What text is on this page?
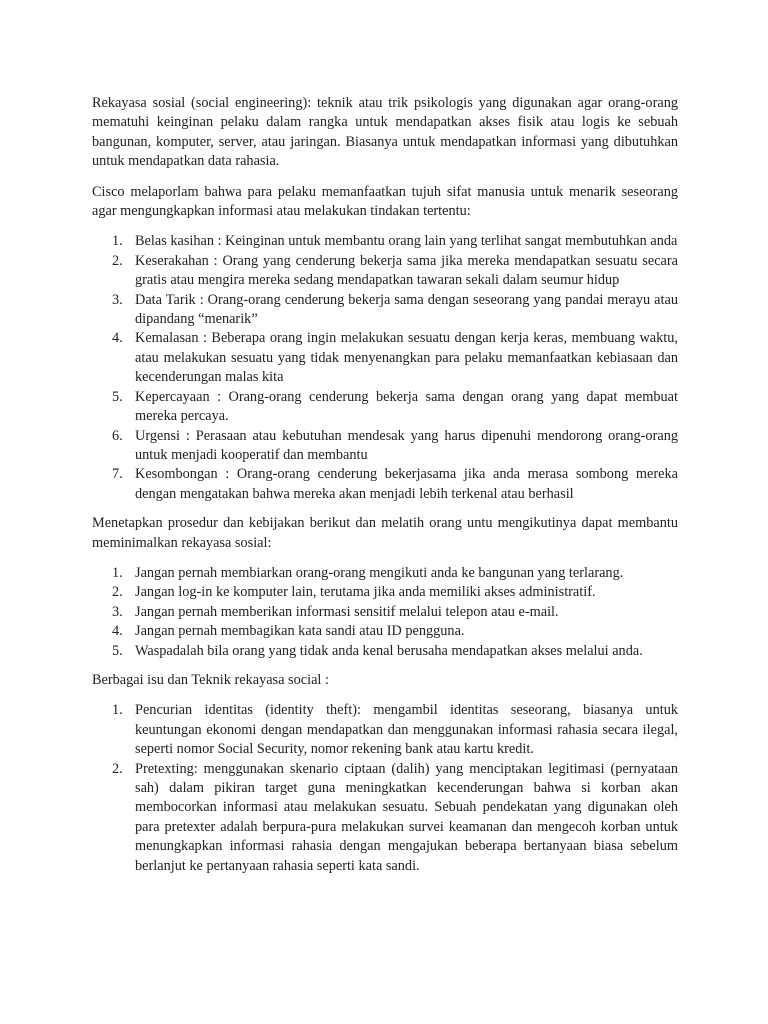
Rekayasa sosial (social engineering): teknik atau trik psikologis yang digunakan agar orang-orang mematuhi keinginan pelaku dalam rangka untuk mendapatkan akses fisik atau logis ke sebuah bangunan, komputer, server, atau jaringan. Biasanya untuk mendapatkan informasi yang dibutuhkan untuk mendapatkan data rahasia.

Cisco melaporlam bahwa para pelaku memanfaatkan tujuh sifat manusia untuk menarik seseorang agar mengungkapkan informasi atau melakukan tindakan tertentu:

1. Belas kasihan : Keinginan untuk membantu orang lain yang terlihat sangat membutuhkan anda
2. Keserakahan : Orang yang cenderung bekerja sama jika mereka mendapatkan sesuatu secara gratis atau mengira mereka sedang mendapatkan tawaran sekali dalam seumur hidup
3. Data Tarik : Orang-orang cenderung bekerja sama dengan seseorang yang pandai merayu atau dipandang “menarik”
4. Kemalasan : Beberapa orang ingin melakukan sesuatu dengan kerja keras, membuang waktu, atau melakukan sesuatu yang tidak menyenangkan para pelaku memanfaatkan kebiasaan dan kecenderungan malas kita
5. Kepercayaan : Orang-orang cenderung bekerja sama dengan orang yang dapat membuat mereka percaya.
6. Urgensi : Perasaan atau kebutuhan mendesak yang harus dipenuhi mendorong orang-orang untuk menjadi kooperatif dan membantu
7. Kesombongan : Orang-orang cenderung bekerjasama jika anda merasa sombong mereka dengan mengatakan bahwa mereka akan menjadi lebih terkenal atau berhasil

Menetapkan prosedur dan kebijakan berikut dan melatih orang untu mengikutinya dapat membantu meminimalkan rekayasa sosial:

1. Jangan pernah membiarkan orang-orang mengikuti anda ke bangunan yang terlarang.
2. Jangan log-in ke komputer lain, terutama jika anda memiliki akses administratif.
3. Jangan pernah memberikan informasi sensitif melalui telepon atau e-mail.
4. Jangan pernah membagikan kata sandi atau ID pengguna.
5. Waspadalah bila orang yang tidak anda kenal berusaha mendapatkan akses melalui anda.

Berbagai isu dan Teknik rekayasa social :

1. Pencurian identitas (identity theft): mengambil identitas seseorang, biasanya untuk keuntungan ekonomi dengan mendapatkan dan menggunakan informasi rahasia secara ilegal, seperti nomor Social Security, nomor rekening bank atau kartu kredit.
2. Pretexting: menggunakan skenario ciptaan (dalih) yang menciptakan legitimasi (pernyataan sah) dalam pikiran target guna meningkatkan kecenderungan bahwa si korban akan membocorkan informasi atau melakukan sesuatu. Sebuah pendekatan yang digunakan oleh para pretexter adalah berpura-pura melakukan survei keamanan dan mengecoh korban untuk menungkapkan informasi rahasia dengan mengajukan beberapa bertanyaan biasa sebelum berlanjut ke pertanyaan rahasia seperti kata sandi.
